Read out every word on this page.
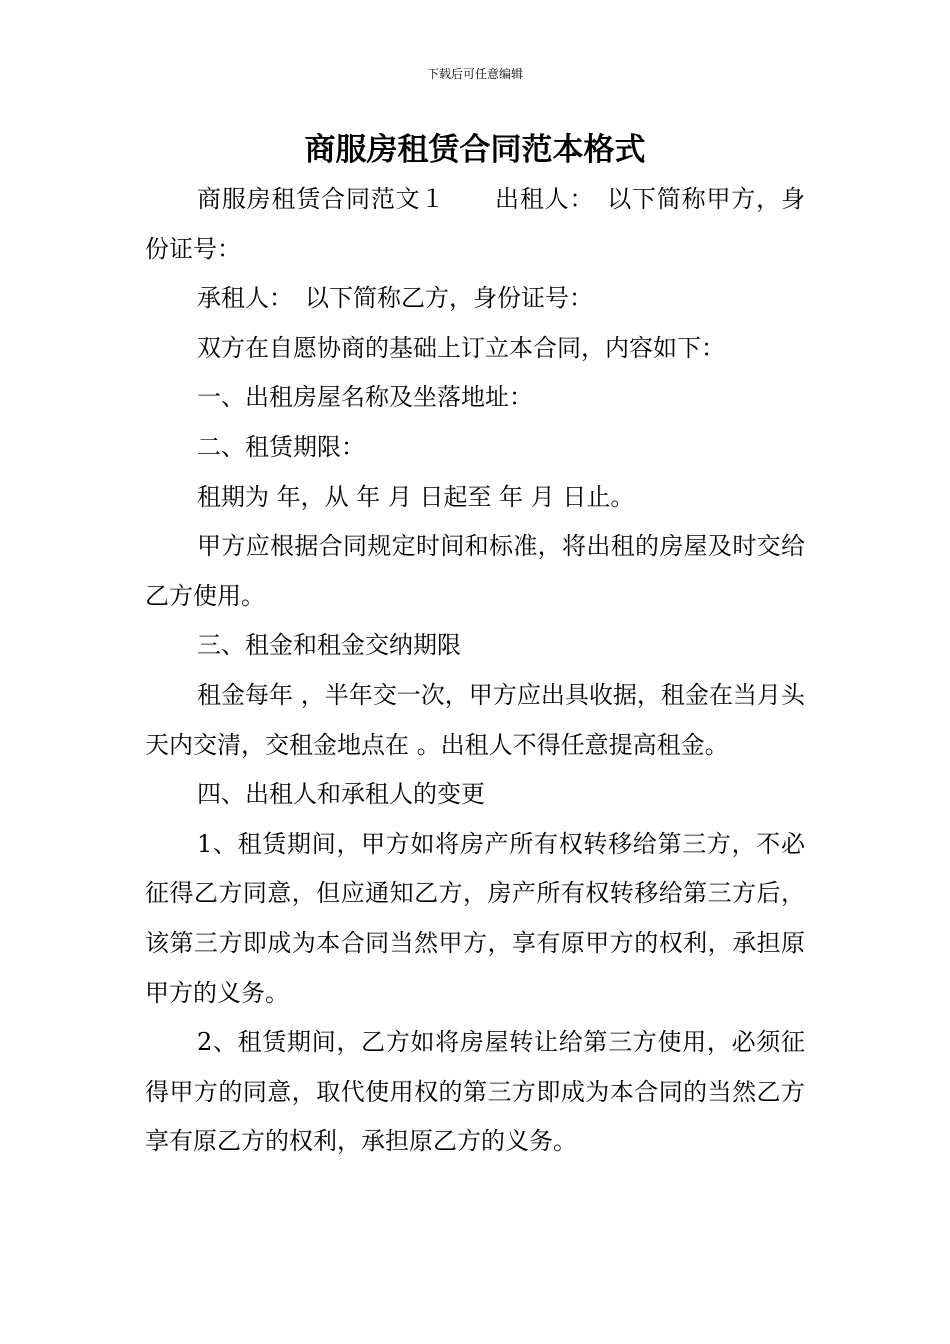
下载后可任意编辑
商服房租赁合同范本格式

商服房租赁合同范文１　　出租人：　以下简称甲方，身份证号：

承租人：　以下简称乙方，身份证号：

双方在自愿协商的基础上订立本合同，内容如下：

一、出租房屋名称及坐落地址：

二、租赁期限：

租期为 年，从 年 月 日起至 年 月 日止。

甲方应根据合同规定时间和标准，将出租的房屋及时交给乙方使用。

三、租金和租金交纳期限

租金每年 ，半年交一次，甲方应出具收据，租金在当月头 天内交清，交租金地点在 。出租人不得任意提高租金。

四、出租人和承租人的变更

1、租赁期间，甲方如将房产所有权转移给第三方，不必征得乙方同意，但应通知乙方，房产所有权转移给第三方后，该第三方即成为本合同当然甲方，享有原甲方的权利，承担原甲方的义务。

2、租赁期间，乙方如将房屋转让给第三方使用，必须征得甲方的同意，取代使用权的第三方即成为本合同的当然乙方享有原乙方的权利，承担原乙方的义务。
